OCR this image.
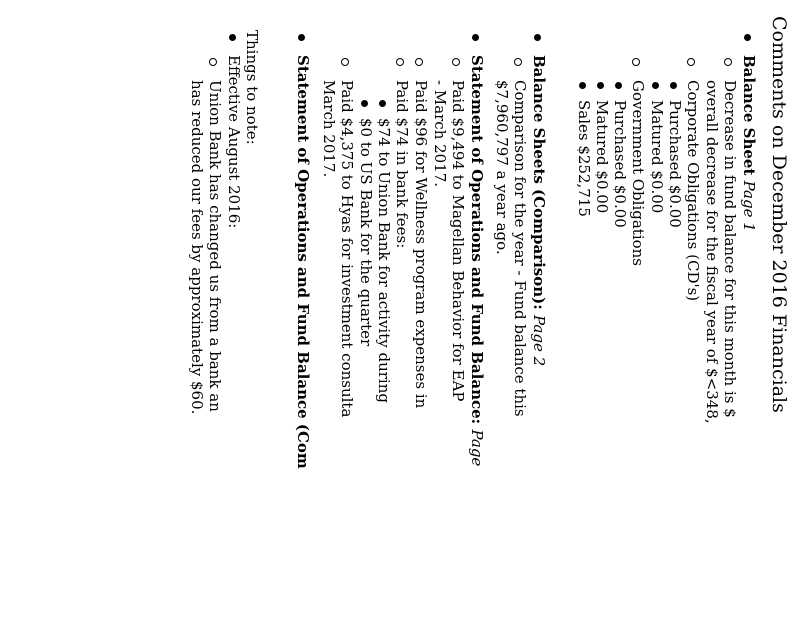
Comments on December 2016 Financials
Balance Sheet Page 1
Decrease in fund balance for this month is $
overall decrease for the fiscal year of $<348,
Corporate Obligations (CD's)
Purchased $0.00
Matured $0.00
Government Obligations
Purchased $0.00
Matured $0.00
Sales $252,715
Balance Sheets (Comparison): Page 2
Comparison for the year - Fund balance this
$7,960,797 a year ago.
Statement of Operations and Fund Balance: Page
Paid $9,494 to Magellan Behavior for EAP
- March 2017.
Paid $96 for Wellness program expenses in
Paid $74 in bank fees:
$74 to Union Bank for activity during
$0 to US Bank for the quarter
Paid $4,375 to Hyas for investment consulta
March 2017.
Statement of Operations and Fund Balance (Com
Things to note:
Effective August 2016:
Union Bank has changed us from a bank an
has reduced our fees by approximately $60.
